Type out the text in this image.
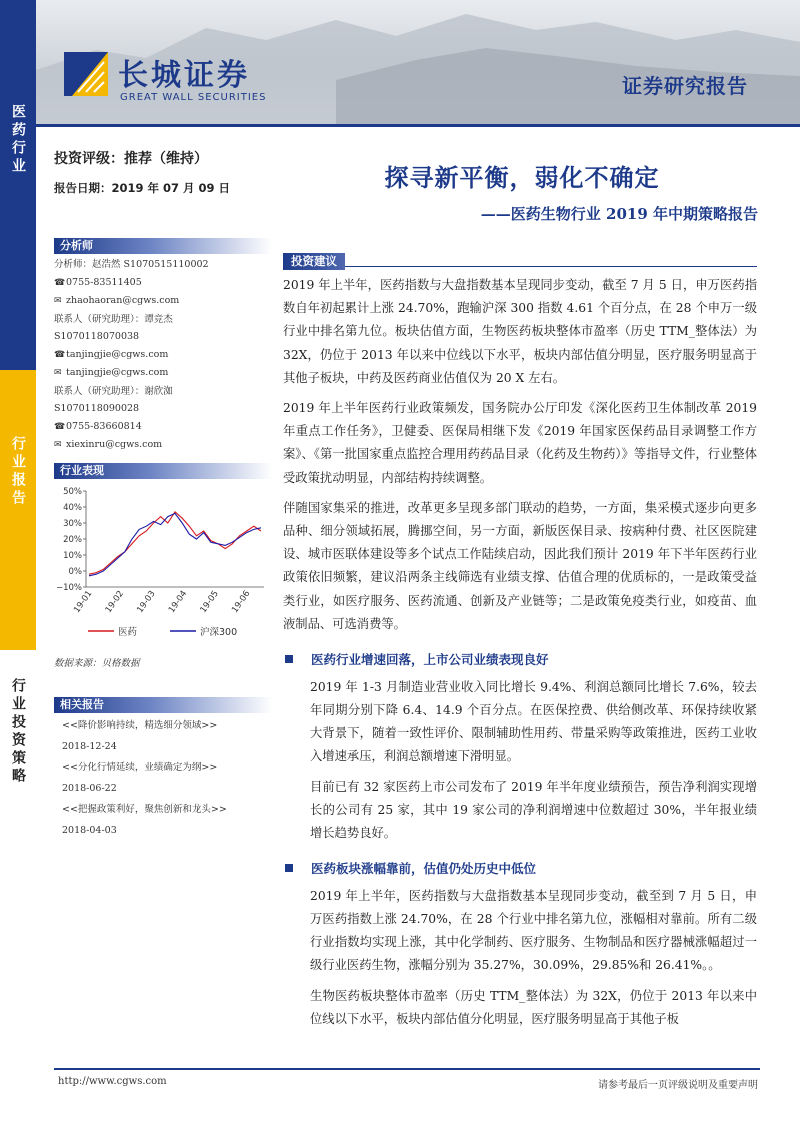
医药行业
行业报告
行业投资策略
长城证券
GREAT WALL SECURITIES	证券研究报告
投资评级：推荐（维持）
报告日期：2019 年 07 月 09 日
分析师
分析师：赵浩然 S1070515110002
☎0755-83511405
✉ zhaohaoran@cgws.com
联系人（研究助理）：谭竞杰
S1070118070038
☎tanjingjie@cgws.com
✉ tanjingjie@cgws.com
联系人（研究助理）：谢欣洳
S1070118090028
☎0755-83660814
✉ xiexinru@cgws.com
行业表现
50%
40%
30%
20%
10%
0%
−10%
19-01 19-02 19-03 19-04 19-05 19-06
医药	沪深300
数据来源：贝格数据
相关报告
<<降价影响持续，精选细分领域>>
2018-12-24
<<分化行情延续，业绩确定为纲>>
2018-06-22
<<把握政策利好，聚焦创新和龙头>>
2018-04-03
探寻新平衡，弱化不确定
——医药生物行业 2019 年中期策略报告
投资建议
2019 年上半年，医药指数与大盘指数基本呈现同步变动，截至 7 月 5 日，申万医药指数自年初起累计上涨 24.70%，跑输沪深 300 指数 4.61 个百分点，在 28 个申万一级行业中排名第九位。板块估值方面，生物医药板块整体市盈率（历史 TTM_整体法）为 32X，仍位于 2013 年以来中位线以下水平，板块内部估值分明显，医疗服务明显高于其他子板块，中药及医药商业估值仅为 20 X 左右。
2019 年上半年医药行业政策频发，国务院办公厅印发《深化医药卫生体制改革 2019 年重点工作任务》，卫健委、医保局相继下发《2019 年国家医保药品目录调整工作方案》、《第一批国家重点监控合理用药药品目录（化药及生物药）》等指导文件，行业整体受政策扰动明显，内部结构持续调整。
伴随国家集采的推进，改革更多呈现多部门联动的趋势，一方面，集采模式逐步向更多品种、细分领域拓展，腾挪空间，另一方面，新版医保目录、按病种付费、社区医院建设、城市医联体建设等多个试点工作陆续启动，因此我们预计 2019 年下半年医药行业政策依旧频繁，建议沿两条主线筛选有业绩支撑、估值合理的优质标的，一是政策受益类行业，如医疗服务、医药流通、创新及产业链等；二是政策免疫类行业，如疫苗、血液制品、可选消费等。
医药行业增速回落，上市公司业绩表现良好
2019 年 1-3 月制造业营业收入同比增长 9.4%、利润总额同比增长 7.6%，较去年同期分别下降 6.4、14.9 个百分点。在医保控费、供给侧改革、环保持续收紧大背景下，随着一致性评价、限制辅助性用药、带量采购等政策推进，医药工业收入增速承压，利润总额增速下滑明显。
目前已有 32 家医药上市公司发布了 2019 年半年度业绩预告，预告净利润实现增长的公司有 25 家，其中 19 家公司的净利润增速中位数超过 30%，半年报业绩增长趋势良好。
医药板块涨幅靠前，估值仍处历史中低位
2019 年上半年，医药指数与大盘指数基本呈现同步变动，截至到 7 月 5 日，申万医药指数上涨 24.70%，在 28 个行业中排名第九位，涨幅相对靠前。所有二级行业指数均实现上涨，其中化学制药、医疗服务、生物制品和医疗器械涨幅超过一级行业医药生物，涨幅分别为 35.27%，30.09%，29.85%和 26.41%。。
生物医药板块整体市盈率（历史 TTM_整体法）为 32X，仍位于 2013 年以来中位线以下水平，板块内部估值分化明显，医疗服务明显高于其他子板
http://www.cgws.com	请参考最后一页评级说明及重要声明
